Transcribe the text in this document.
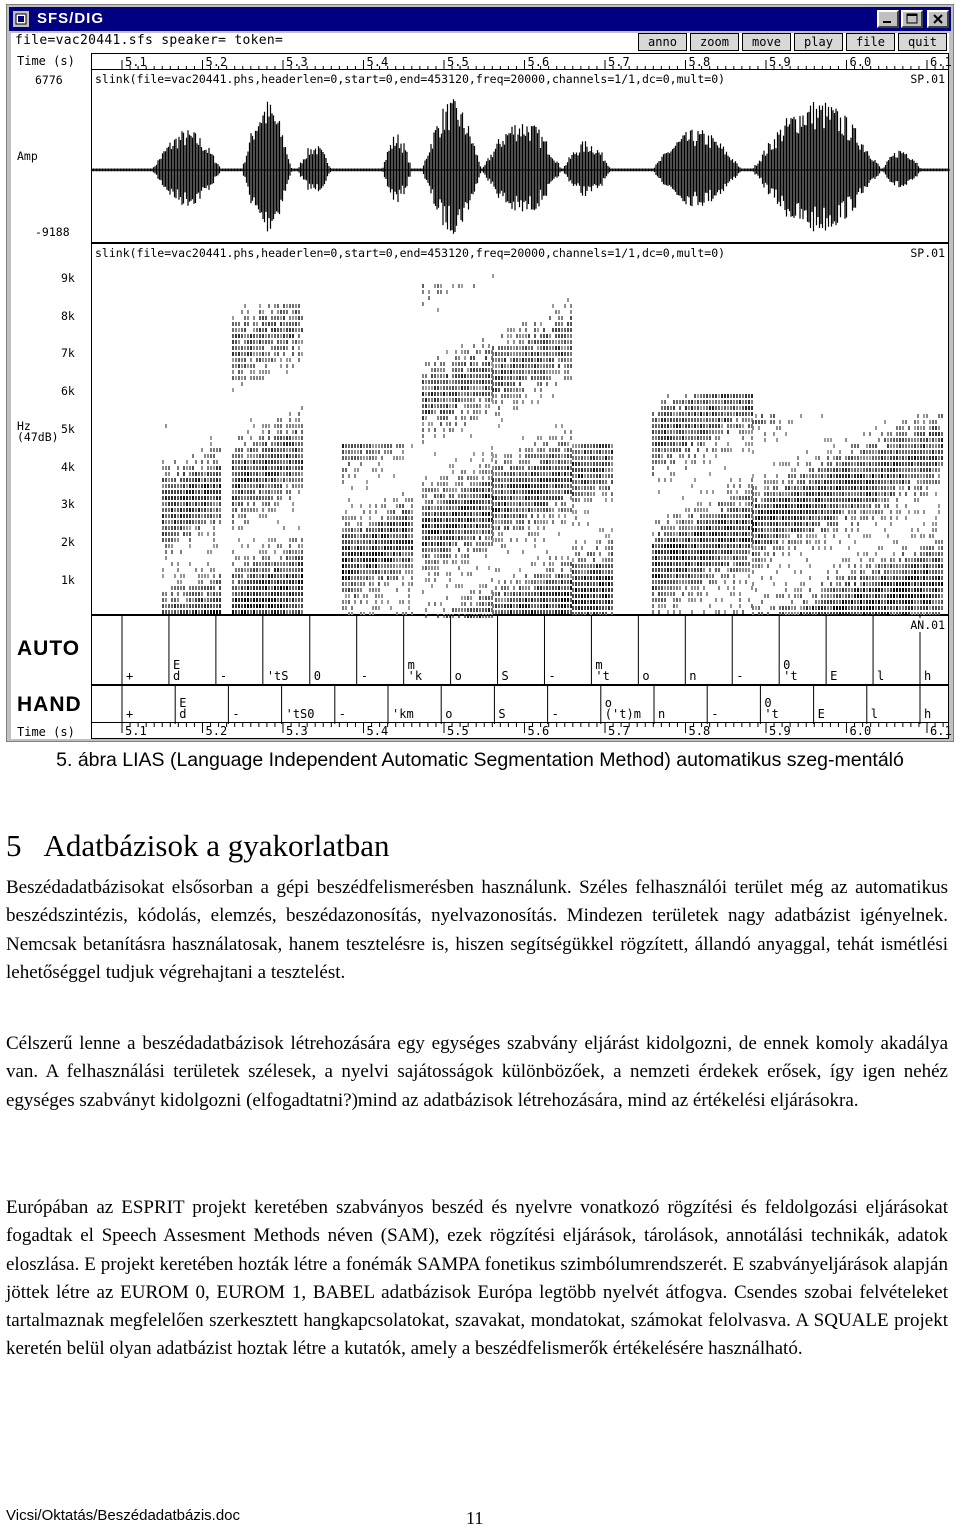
SFS/DIG
file=vac20441.sfs speaker= token=	anno	zoom	move	play	file	quit
Time (s)	5.1	5.2	5.3	5.4	5.5	5.6	5.7	5.8	5.9	6.0	6.1
6776
Amp
-9188
slink(file=vac20441.phs,headerlen=0,start=0,end=453120,freq=20000,channels=1/1,dc=0,mult=0)	SP.01
9k
8k
7k
6k
5k
4k
3k
2k
1k
Hz
(47dB)
slink(file=vac20441.phs,headerlen=0,start=0,end=453120,freq=20000,channels=1/1,dc=0,mult=0)	SP.01
AUTO
+
E
d	-	'tS 0	-
m
'k	o	S	-
m
't	o	n	-
0
't	E	l	h
AN.01
HAND	+
E
d	-	'tS0 -	'km	o	S	-
o
('t)m n	-
0
't	E	l	h
Time (s)	5.1	5.2	5.3	5.4	5.5	5.6	5.7	5.8	5.9	6.0	6.1
5. ábra LIAS (Language Independent Automatic Segmentation Method) automatikus szeg-mentáló
5 Adatbázisok a gyakorlatban

Beszédadatbázisokat elsősorban a gépi beszédfelismerésben használunk. Széles felhasználói terület még az automatikus beszédszintézis, kódolás, elemzés, beszédazonosítás, nyelvazonosítás. Mindezen területek nagy adatbázist igényelnek. Nemcsak betanításra használatosak, hanem tesztelésre is, hiszen segítségükkel rögzített, állandó anyaggal, tehát ismétlési lehetőséggel tudjuk végrehajtani a tesztelést.

Célszerű lenne a beszédadatbázisok létrehozására egy egységes szabvány eljárást kidolgozni, de ennek komoly akadálya van. A felhasználási területek szélesek, a nyelvi sajátosságok különbözőek, a nemzeti érdekek erősek, így igen nehéz egységes szabványt kidolgozni (elfogadtatni?)mind az adatbázisok létrehozására, mind az értékelési eljárásokra.

Európában az ESPRIT projekt keretében szabványos beszéd és nyelvre vonatkozó rögzítési és feldolgozási eljárásokat fogadtak el Speech Assesment Methods néven (SAM), ezek rögzítési eljárások, tárolások, annotálási technikák, adatok eloszlása. E projekt keretében hozták létre a fonémák SAMPA fonetikus szimbólumrendszerét. E szabványeljárások alapján jöttek létre az EUROM 0, EUROM 1, BABEL adatbázisok Európa legtöbb nyelvét átfogva. Csendes szobai felvételeket tartalmaznak megfelelően szerkesztett hangkapcsolatokat, szavakat, mondatokat, számokat felolvasva. A SQUALE projekt keretén belül olyan adatbázist hoztak létre a kutatók, amely a beszédfelismerők értékelésére használható.

Vicsi/Oktatás/Beszédadatbázis.doc	11
